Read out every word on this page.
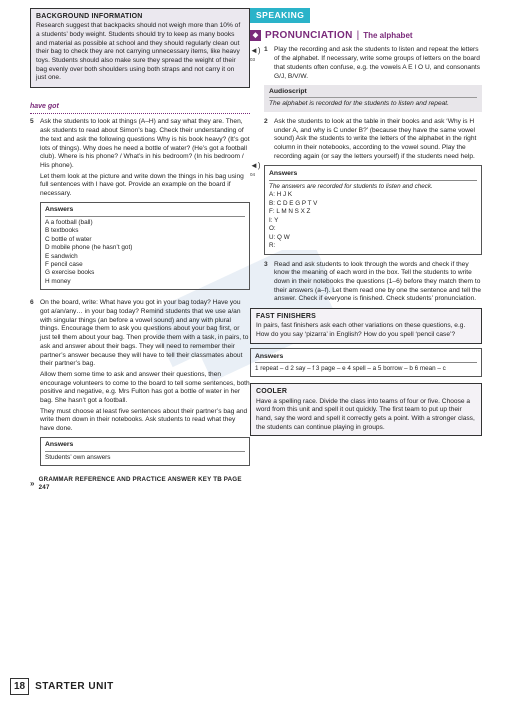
BACKGROUND INFORMATION
Research suggest that backpacks should not weigh more than 10% of a students’ body weight. Students should try to keep as many books and material as possible at school and they should regularly clean out their bag to check they are not carrying unnecessary items, like heavy toys. Students should also make sure they spread the weight of their bag evenly over both shoulders using both straps and not carry it on just one.
have got
5 Ask the students to look at things (A–H) and say what they are. Then, ask students to read about Simon’s bag. Check their understanding of the text and ask the following questions Why is his book heavy? (It’s got lots of things). Why does he need a bottle of water? (He’s got a football club). Where is his phone? / What’s in his bedroom? (In his bedroom / His phone).

Let them look at the picture and write down the things in his bag using full sentences with I have got. Provide an example on the board if necessary.

Answers
A a football (ball)
B textbooks
C bottle of water
D mobile phone (he hasn’t got)
E sandwich
F pencil case
G exercise books
H money
6 On the board, write: What have you got in your bag today? Have you got a/an/any… in your bag today? Remind students that we use a/an with singular things (an before a vowel sound) and any with plural things. Encourage them to ask you questions about your bag first, or just tell them about your bag. Then provide them with a task, in pairs, to ask and answer about their bags. They will need to remember their partner’s answer because they will have to tell their classmates about their partner’s bag.

Allow them some time to ask and answer their questions, then encourage volunteers to come to the board to tell some sentences, both positive and negative, e.g. Mrs Fulton has got a bottle of water in her bag. She hasn’t got a football.

They must choose at least five sentences about their partner’s bag and write them down in their notebooks. Ask students to read what they have done.

Answers
Students’ own answers
» GRAMMAR REFERENCE AND PRACTICE ANSWER KEY TB PAGE 247
SPEAKING
◆ PRONUNCIATION | The alphabet
◄)
03
1 Play the recording and ask the students to listen and repeat the letters of the alphabet. If necessary, write some groups of letters on the board that students often confuse, e.g. the vowels A E I O U, and consonants G/J, B/V/W.
Audioscript
The alphabet is recorded for the students to listen and repeat.
2 Ask the students to look at the table in their books and ask ‘Why is H under A, and why is C under B?’ (because they have the same vowel sound) Ask the students to write the letters of the alphabet in the right column in their notebooks, according to the vowel sound. Play the recording again (or say the letters yourself) if the students need help.
◄)
04	Answers
The answers are recorded for students to listen and check.
A: H J K
B: C D E G P T V
F: L M N S X Z
I: Y
O:
U: Q W
R:
3 Read and ask students to look through the words and check if they know the meaning of each word in the box. Tell the students to write down in their notebooks the questions (1–6) before they match them to their answers (a–f). Let them read one by one the sentence and tell the answer. Check if everyone is finished. Check students’ pronunciation.
FAST FINISHERS
In pairs, fast finishers ask each other variations on these questions, e.g. How do you say ‘pizarra’ in English? How do you spell ‘pencil case’?
Answers
1 repeat – d 2 say – f 3 page – e 4 spell – a 5 borrow – b 6 mean – c
COOLER
Have a spelling race. Divide the class into teams of four or five. Choose a word from this unit and spell it out quickly. The first team to put up their hand, say the word and spell it correctly gets a point. With a stronger class, the students can continue playing in groups.
18	STARTER UNIT
